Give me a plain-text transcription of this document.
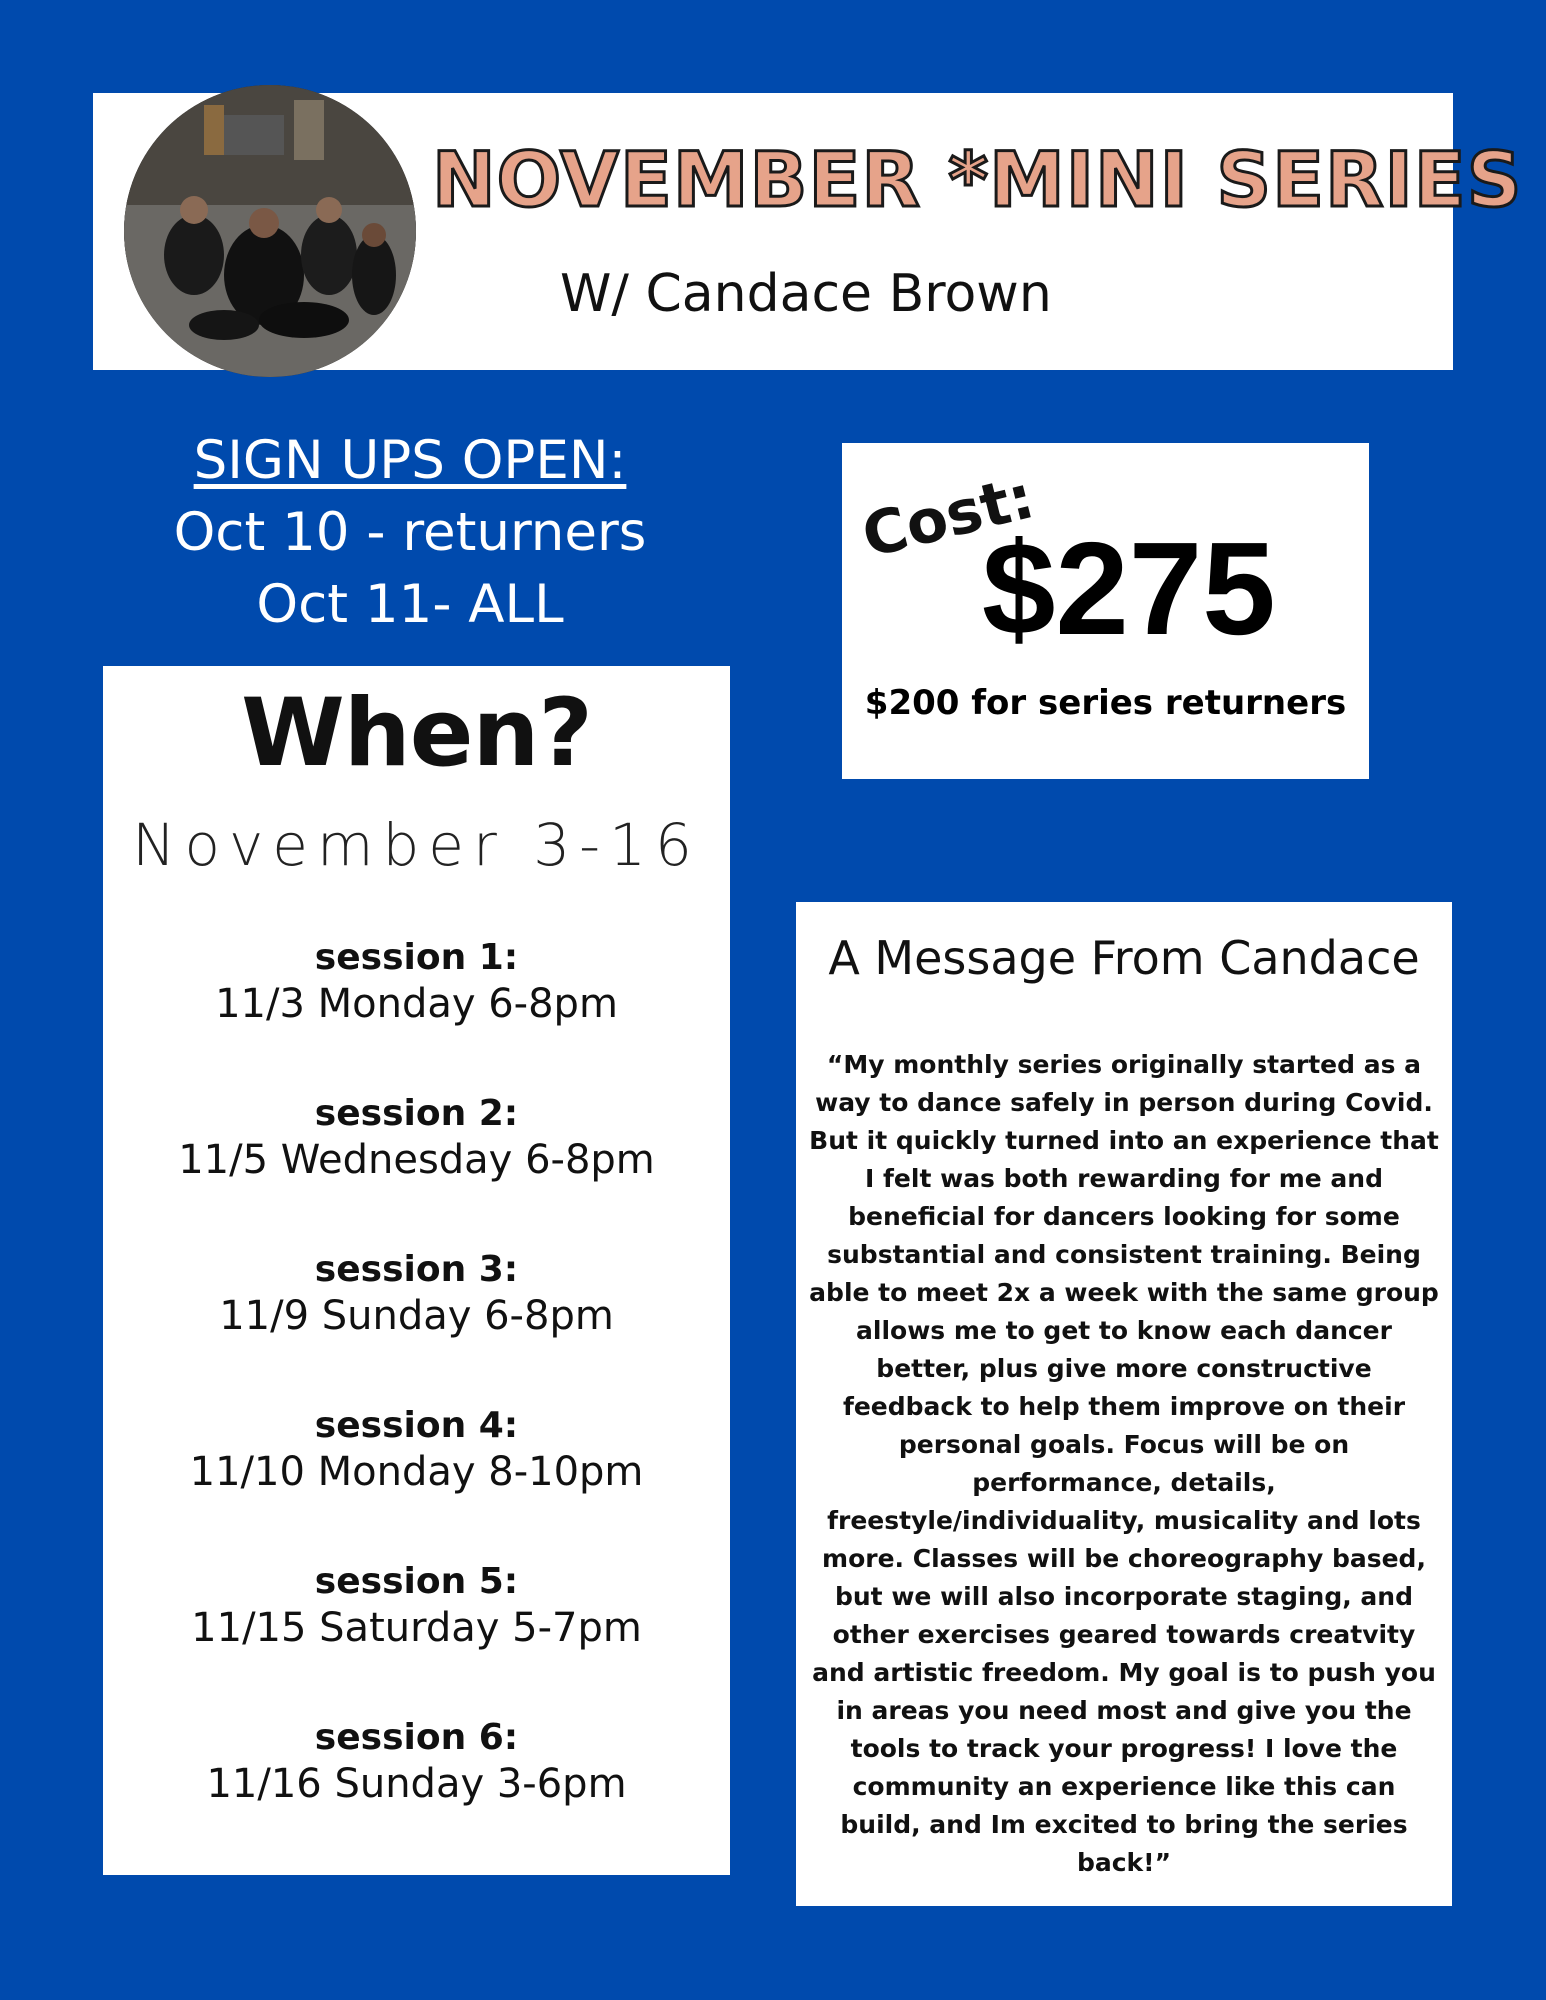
NOVEMBER *MINI SERIES
W/ Candace Brown
SIGN UPS OPEN:
Oct 10 - returners
Oct 11- ALL
Cost:
$275
$200 for series returners
When?
November 3-16
session 1:
11/3 Monday 6-8pm
session 2:
11/5 Wednesday 6-8pm
session 3:
11/9 Sunday 6-8pm
session 4:
11/10 Monday 8-10pm
session 5:
11/15 Saturday 5-7pm
session 6:
11/16 Sunday 3-6pm
A Message From Candace
“My monthly series originally started as a way to dance safely in person during Covid. But it quickly turned into an experience that I felt was both rewarding for me and beneficial for dancers looking for some substantial and consistent training. Being able to meet 2x a week with the same group allows me to get to know each dancer better, plus give more constructive feedback to help them improve on their personal goals. Focus will be on performance, details, freestyle/individuality, musicality and lots more. Classes will be choreography based, but we will also incorporate staging, and other exercises geared towards creatvity and artistic freedom. My goal is to push you in areas you need most and give you the tools to track your progress! I love the community an experience like this can build, and Im excited to bring the series back!”
